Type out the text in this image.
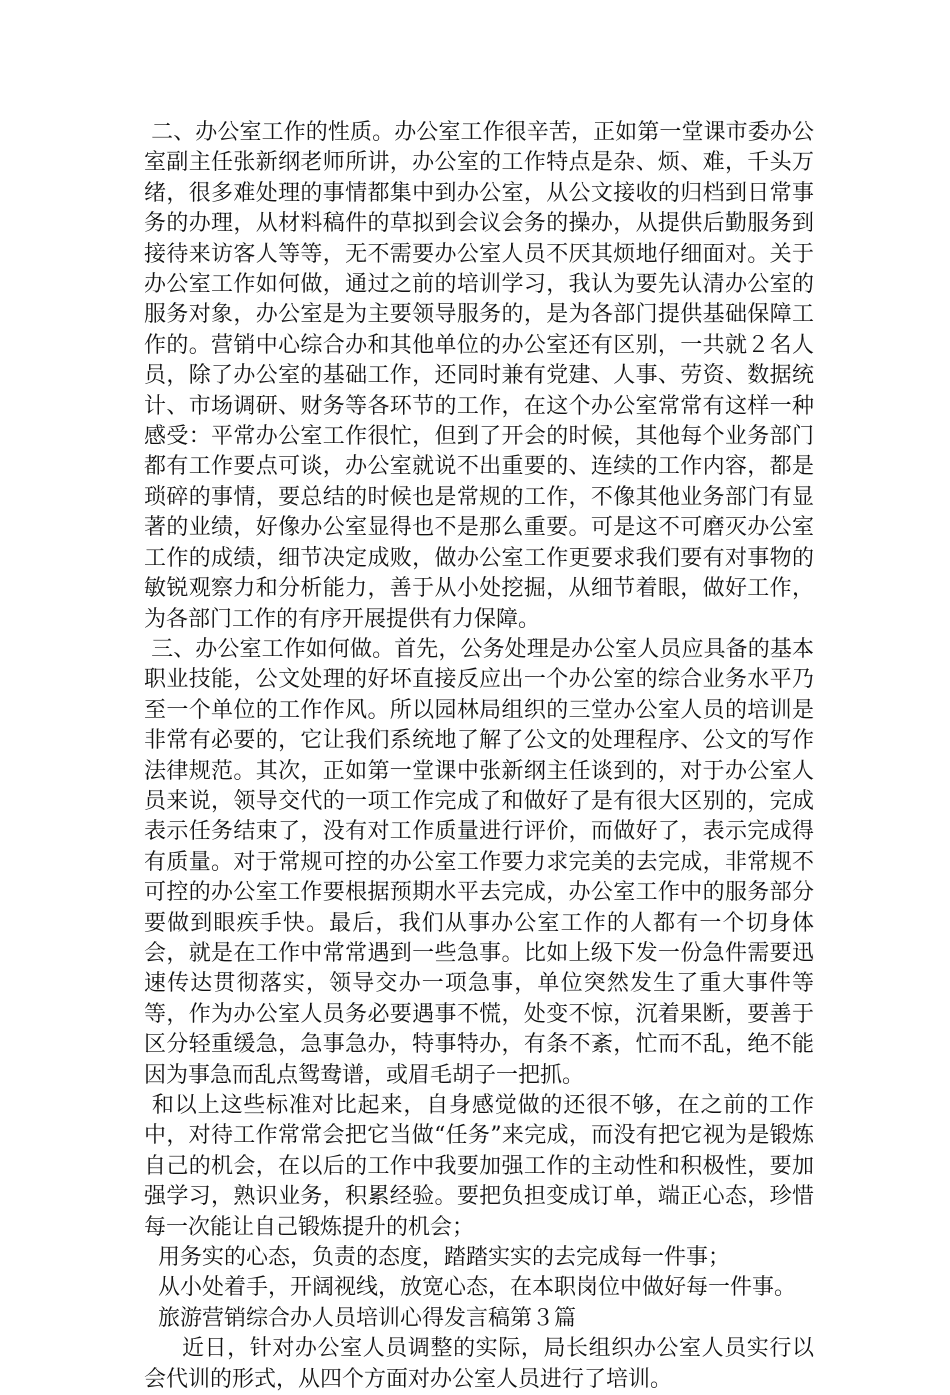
二、办公室工作的性质。办公室工作很辛苦，正如第一堂课市委办公室副主任张新纲老师所讲，办公室的工作特点是杂、烦、难，千头万绪，很多难处理的事情都集中到办公室，从公文接收的归档到日常事务的办理，从材料稿件的草拟到会议会务的操办，从提供后勤服务到接待来访客人等等，无不需要办公室人员不厌其烦地仔细面对。关于办公室工作如何做，通过之前的培训学习，我认为要先认清办公室的服务对象，办公室是为主要领导服务的，是为各部门提供基础保障工作的。营销中心综合办和其他单位的办公室还有区别，一共就２名人员，除了办公室的基础工作，还同时兼有党建、人事、劳资、数据统计、市场调研、财务等各环节的工作，在这个办公室常常有这样一种感受：平常办公室工作很忙，但到了开会的时候，其他每个业务部门都有工作要点可谈，办公室就说不出重要的、连续的工作内容，都是琐碎的事情，要总结的时候也是常规的工作，不像其他业务部门有显著的业绩，好像办公室显得也不是那么重要。可是这不可磨灭办公室工作的成绩，细节决定成败，做办公室工作更要求我们要有对事物的敏锐观察力和分析能力，善于从小处挖掘，从细节着眼，做好工作，为各部门工作的有序开展提供有力保障。

三、办公室工作如何做。首先，公务处理是办公室人员应具备的基本职业技能，公文处理的好坏直接反应出一个办公室的综合业务水平乃至一个单位的工作作风。所以园林局组织的三堂办公室人员的培训是非常有必要的，它让我们系统地了解了公文的处理程序、公文的写作法律规范。其次，正如第一堂课中张新纲主任谈到的，对于办公室人员来说，领导交代的一项工作完成了和做好了是有很大区别的，完成表示任务结束了，没有对工作质量进行评价，而做好了，表示完成得有质量。对于常规可控的办公室工作要力求完美的去完成，非常规不可控的办公室工作要根据预期水平去完成，办公室工作中的服务部分要做到眼疾手快。最后，我们从事办公室工作的人都有一个切身体会，就是在工作中常常遇到一些急事。比如上级下发一份急件需要迅速传达贯彻落实，领导交办一项急事，单位突然发生了重大事件等等，作为办公室人员务必要遇事不慌，处变不惊，沉着果断，要善于区分轻重缓急，急事急办，特事特办，有条不紊，忙而不乱，绝不能因为事急而乱点鸳鸯谱，或眉毛胡子一把抓。

和以上这些标准对比起来，自身感觉做的还很不够，在之前的工作中，对待工作常常会把它当做“任务”来完成，而没有把它视为是锻炼自己的机会，在以后的工作中我要加强工作的主动性和积极性，要加强学习，熟识业务，积累经验。要把负担变成订单，端正心态，珍惜每一次能让自己锻炼提升的机会；

用务实的心态，负责的态度，踏踏实实的去完成每一件事；

从小处着手，开阔视线，放宽心态，在本职岗位中做好每一件事。

旅游营销综合办人员培训心得发言稿第３篇

近日，针对办公室人员调整的实际，局长组织办公室人员实行以会代训的形式，从四个方面对办公室人员进行了培训。
